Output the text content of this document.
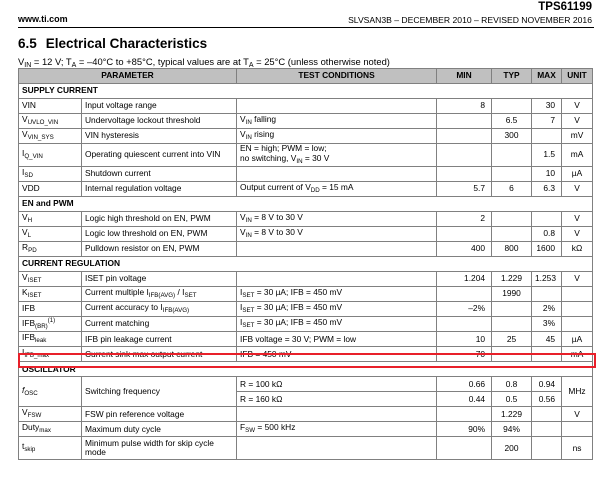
www.ti.com
TPS61199
SLVSAN3B – DECEMBER 2010 – REVISED NOVEMBER 2016
6.5 Electrical Characteristics
$V_{IN} = 12$ V; $T_A = -40^\circ C$ to +85°C, typical values are at $T_A = 25^\circ C$ (unless otherwise noted)
PARAMETER		TEST CONDITIONS	MIN	TYP	MAX	UNIT
SUPPLY CURRENT						
VIN	Input voltage range		8		30	V
$V_{UVLO\_VIN}$	Undervoltage lockout threshold	$V_{IN}$ falling		6.5	7	V
$V_{VIN\_SYS}$	VIN hysteresis	$V_{IN}$ rising		300		mV
$I_{Q\_VIN}$	Operating quiescent current into VIN	EN = high; PWM = low;
no switching, $V_{IN} = 30$ V			1.5	mA
$I_{SD}$	Shutdown current				10	µA
VDD	Internal regulation voltage	Output current of $V_{DD} = 15$ mA	5.7	6	6.3	V
EN and PWM						
$V_H$	Logic high threshold on EN, PWM	$V_{IN} = 8$ V to 30 V	2			V
$V_L$	Logic low threshold on EN, PWM	$V_{IN} = 8$ V to 30 V			0.8	V
$R_{PD}$	Pulldown resistor on EN, PWM		400	800	1600	kΩ
CURRENT REGULATION						
$V_{ISET}$	ISET pin voltage		1.204	1.229	1.253	V
$K_{ISET}$	Current multiple $I_{IFB(AVG)} / I_{SET}$	$I_{SET} = 30$ µA; IFB = 450 mV		1990		
IFB	Current accuracy to $I_{IFB(AVG)}$	$I_{SET} = 30$ µA; IFB = 450 mV	–2%		2%	
$IFB_{(BR)}^{(1)}$	Current matching	$I_{SET} = 30$ µA; IFB = 450 mV			3%	
$IFB_{leak}$	IFB pin leakage current	IFB voltage = 30 V; PWM = low	10	25	45	µA
$I_{IFB\_max}$	Current sink max output current	IFB = 450 mV	70			mA
OSCILLATOR						
$f_{OSC}$	Switching frequency	R = 100 kΩ	0.66	0.8	0.94	MHz
		R = 160 kΩ	0.44	0.5	0.56	
$V_{FSW}$	FSW pin reference voltage			1.229		V
Duty$_{max}$	Maximum duty cycle	$F_{SW} = 500$ kHz	90%	94%		
$t_{skip}$	Minimum pulse width for skip cycle mode			200		ns
